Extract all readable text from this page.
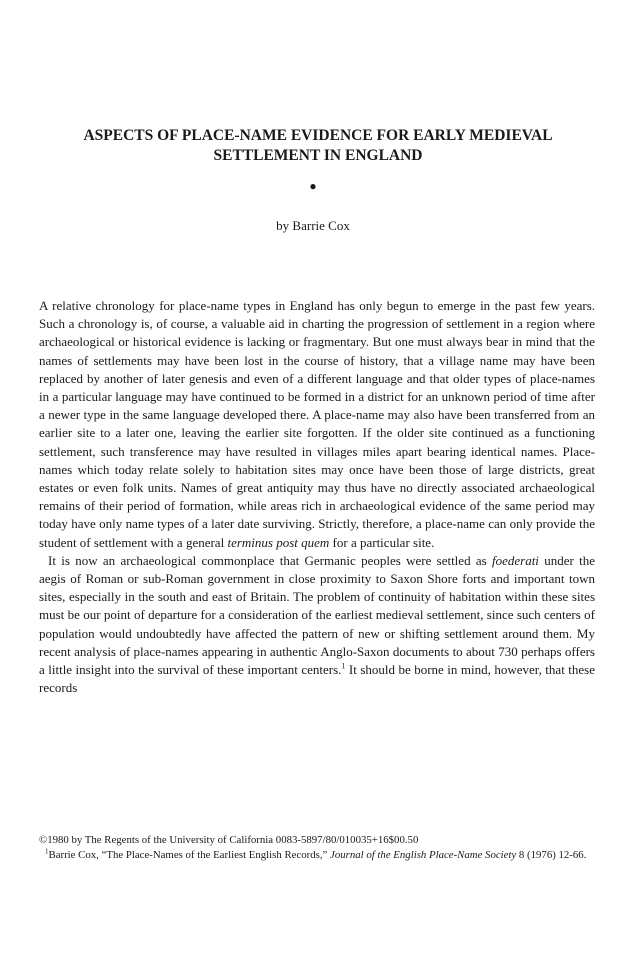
ASPECTS OF PLACE-NAME EVIDENCE FOR EARLY MEDIEVAL
SETTLEMENT IN ENGLAND
●
by Barrie Cox

A relative chronology for place-name types in England has only begun to emerge in the past few years. Such a chronology is, of course, a valuable aid in charting the progression of settlement in a region where archaeological or historical evidence is lacking or fragmentary. But one must always bear in mind that the names of settlements may have been lost in the course of history, that a village name may have been replaced by another of later genesis and even of a different language and that older types of place-names in a particular language may have continued to be formed in a district for an unknown period of time after a newer type in the same language developed there. A place-name may also have been transferred from an earlier site to a later one, leaving the earlier site forgotten. If the older site continued as a functioning settlement, such transference may have resulted in villages miles apart bearing identical names. Place-names which today relate solely to habitation sites may once have been those of large districts, great estates or even folk units. Names of great antiquity may thus have no directly associated archaeological remains of their period of formation, while areas rich in archaeological evidence of the same period may today have only name types of a later date surviving. Strictly, therefore, a place-name can only provide the student of settlement with a general terminus post quem for a particular site.

It is now an archaeological commonplace that Germanic peoples were settled as foederati under the aegis of Roman or sub-Roman government in close proximity to Saxon Shore forts and important town sites, especially in the south and east of Britain. The problem of continuity of habitation within these sites must be our point of departure for a consideration of the earliest medieval settlement, since such centers of population would undoubtedly have affected the pattern of new or shifting settlement around them. My recent analysis of place-names appearing in authentic Anglo-Saxon documents to about 730 perhaps offers a little insight into the survival of these important centers.$^1$ It should be borne in mind, however, that these records

©1980 by The Regents of the University of California 0083-5897/80/010035+16$00.50

$^1$Barrie Cox, “The Place-Names of the Earliest English Records,” Journal of the English Place-Name Society 8 (1976) 12-66.
